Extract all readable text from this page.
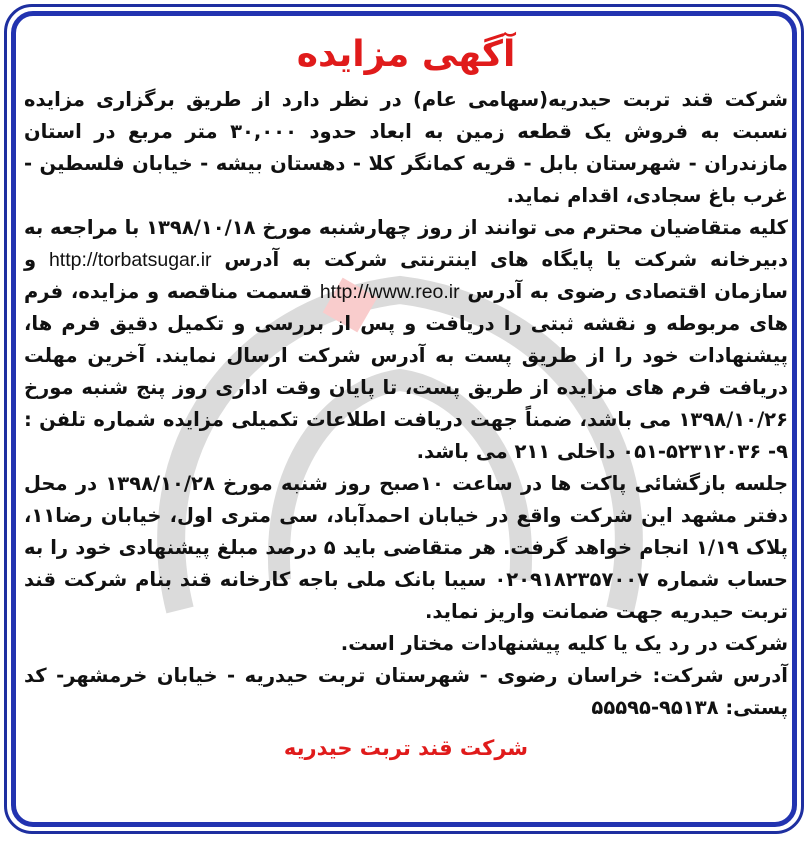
آگهی مزایده

شرکت قند تربت حیدریه(سهامی عام) در نظر دارد از طریق برگزاری مزایده نسبت به فروش یک قطعه زمین به ابعاد حدود ۳۰,۰۰۰ متر مربع در استان مازندران - شهرستان بابل - قریه کمانگر کلا - دهستان بیشه - خیابان فلسطین - غرب باغ سجادی، اقدام نماید.

کلیه متقاضیان محترم می توانند از روز چهارشنبه مورخ ۱۳۹۸/۱۰/۱۸ با مراجعه به دبیرخانه شرکت یا پایگاه های اینترنتی شرکت به آدرس http://torbatsugar.ir و سازمان اقتصادی رضوی به آدرس http://www.reo.ir قسمت مناقصه و مزایده، فرم های مربوطه و نقشه ثبتی را دریافت و پس از بررسی و تکمیل دقیق فرم ها، پیشنهادات خود را از طریق پست به آدرس شرکت ارسال نمایند. آخرین مهلت دریافت فرم های مزایده از طریق پست، تا پایان وقت اداری روز پنج شنبه مورخ ۱۳۹۸/۱۰/۲۶ می باشد، ضمناً جهت دریافت اطلاعات تکمیلی مزایده شماره تلفن : ۹- ۵۲۳۱۲۰۳۶-۰۵۱ داخلی ۲۱۱ می باشد.

جلسه بازگشائی پاکت ها در ساعت ۱۰صبح روز شنبه مورخ ۱۳۹۸/۱۰/۲۸ در محل دفتر مشهد این شرکت واقع در خیابان احمدآباد، سی متری اول، خیابان رضا۱۱، پلاک ۱/۱۹ انجام خواهد گرفت. هر متقاضی باید ۵ درصد مبلغ پیشنهادی خود را به حساب شماره ۰۲۰۹۱۸۲۳۵۷۰۰۷ سیبا بانک ملی باجه کارخانه قند بنام شرکت قند تربت حیدریه جهت ضمانت واریز نماید.

شرکت در رد یک یا کلیه پیشنهادات مختار است.

آدرس شرکت: خراسان رضوی - شهرستان تربت حیدریه - خیابان خرمشهر- کد پستی: ۹۵۱۳۸-۵۵۵۹۵

شرکت قند تربت حیدریه
